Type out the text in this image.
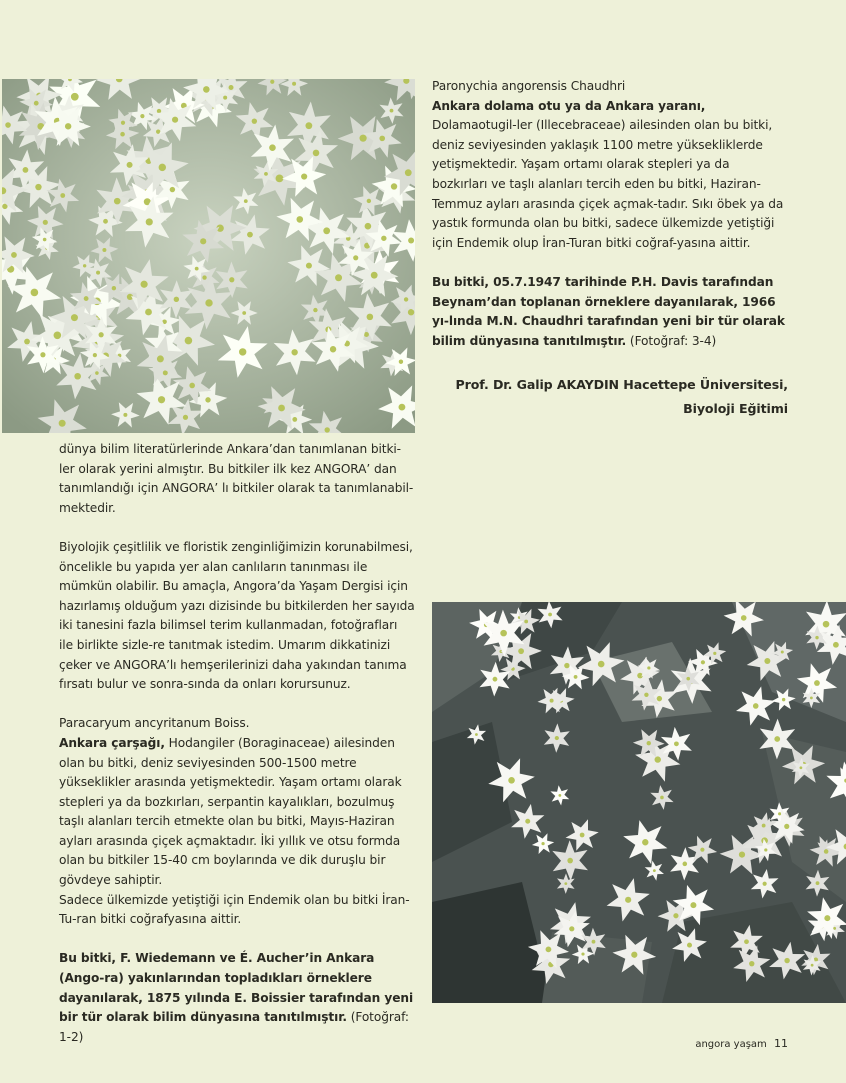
Paronychia angorensis Chaudhri

Ankara dolama otu ya da Ankara yaranı, Dolamaotugil-ler (Illecebraceae) ailesinden olan bu bitki, deniz seviyesinden yaklaşık 1100 metre yüksekliklerde yetişmektedir. Yaşam ortamı olarak stepleri ya da bozkırları ve taşlı alanları tercih eden bu bitki, Haziran-Temmuz ayları arasında çiçek açmak-tadır. Sıkı öbek ya da yastık formunda olan bu bitki, sadece ülkemizde yetiştiği için Endemik olup İran-Turan bitki coğraf-yasına aittir.

Bu bitki, 05.7.1947 tarihinde P.H. Davis tarafından Beynam’dan toplanan örneklere dayanılarak, 1966 yı-lında M.N. Chaudhri tarafından yeni bir tür olarak bilim dünyasına tanıtılmıştır. (Fotoğraf: 3-4)

Prof. Dr. Galip AKAYDIN Hacettepe Üniversitesi,
Biyoloji Eğitimi

dünya bilim literatürlerinde Ankara’dan tanımlanan bitki-ler olarak yerini almıştır. Bu bitkiler ilk kez ANGORA’ dan tanımlandığı için ANGORA’ lı bitkiler olarak ta tanımlanabil-mektedir.

Biyolojik çeşitlilik ve floristik zenginliğimizin korunabilmesi, öncelikle bu yapıda yer alan canlıların tanınması ile mümkün olabilir. Bu amaçla, Angora’da Yaşam Dergisi için hazırlamış olduğum yazı dizisinde bu bitkilerden her sayıda iki tanesini fazla bilimsel terim kullanmadan, fotoğrafları ile birlikte sizle-re tanıtmak istedim. Umarım dikkatinizi çeker ve ANGORA’lı hemşerilerinizi daha yakından tanıma fırsatı bulur ve sonra-sında da onları korursunuz.

Paracaryum ancyritanum Boiss.

Ankara çarşağı, Hodangiler (Boraginaceae) ailesinden olan bu bitki, deniz seviyesinden 500-1500 metre yükseklikler arasında yetişmektedir. Yaşam ortamı olarak stepleri ya da bozkırları, serpantin kayalıkları, bozulmuş taşlı alanları tercih etmekte olan bu bitki, Mayıs-Haziran ayları arasında çiçek açmaktadır. İki yıllık ve otsu formda olan bu bitkiler 15-40 cm boylarında ve dik duruşlu bir gövdeye sahiptir.

Sadece ülkemizde yetiştiği için Endemik olan bu bitki İran-Tu-ran bitki coğrafyasına aittir.

Bu bitki, F. Wiedemann ve É. Aucher’in Ankara (Ango-ra) yakınlarından topladıkları örneklere dayanılarak, 1875 yılında E. Boissier tarafından yeni bir tür olarak bilim dünyasına tanıtılmıştır. (Fotoğraf: 1-2)

angora yaşam 11
